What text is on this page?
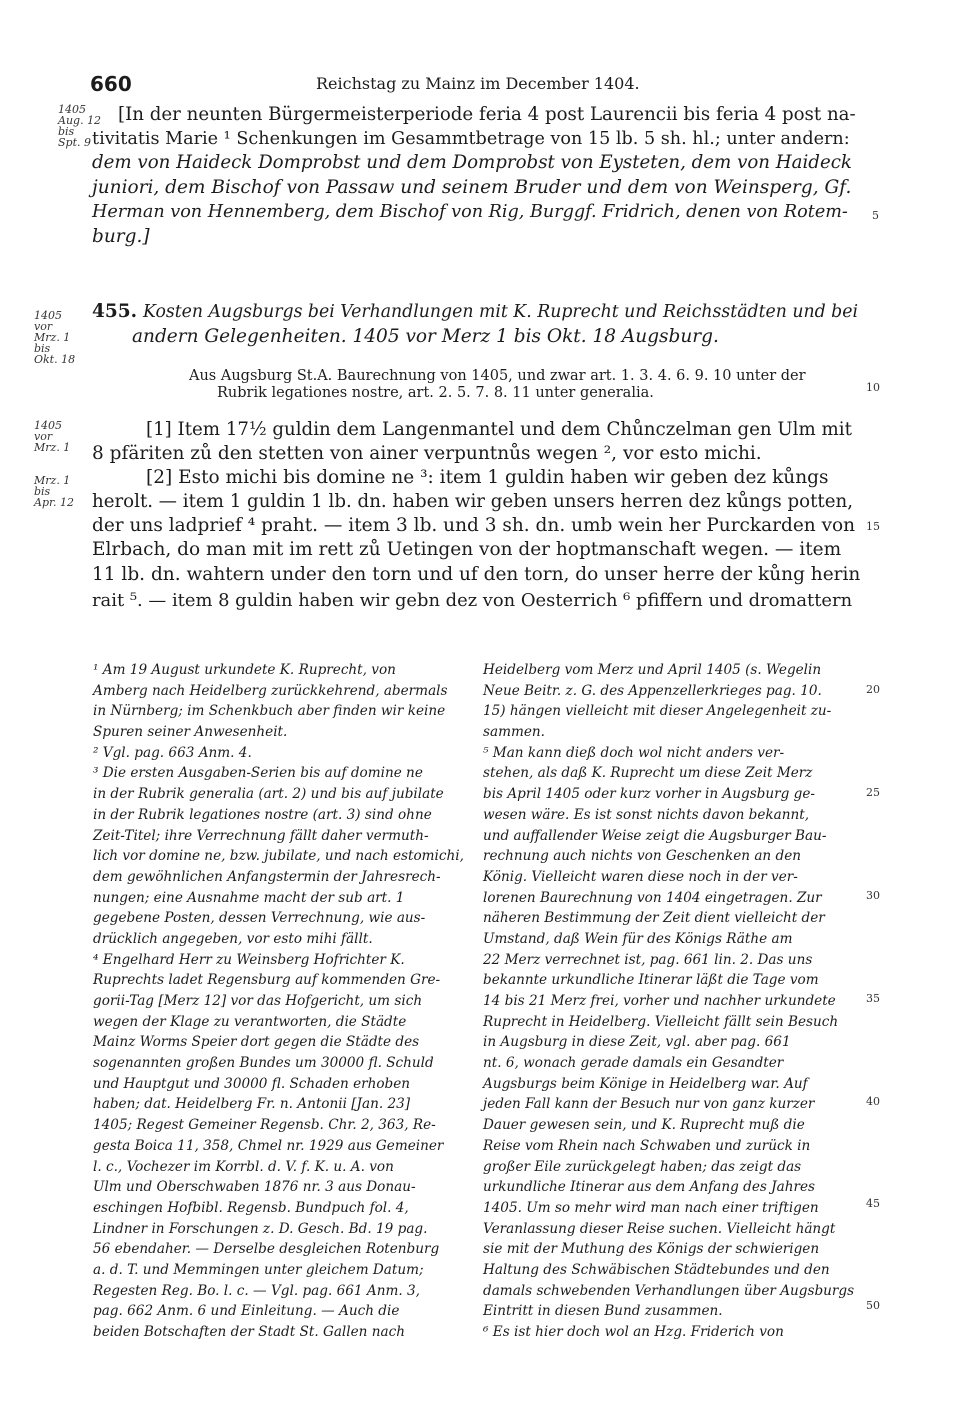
660	Reichstag zu Mainz im December 1404.
1405
Aug. 12
bis
Spt. 9
1405
vor
Mrz. 1
bis
Okt. 18
1405
vor
Mrz. 1
Mrz. 1
bis
Apr. 12
[In der neunten Bürgermeisterperiode feria 4 post Laurencii bis feria 4 post na-
tivitatis Marie ¹ Schenkungen im Gesammtbetrage von 15 lb. 5 sh. hl.; unter andern:
dem von Haideck Domprobst und dem Domprobst von Eysteten, dem von Haideck
juniori, dem Bischof von Passaw und seinem Bruder und dem von Weinsperg, Gf.
Herman von Hennemberg, dem Bischof von Rig, Burggf. Fridrich, denen von Rotem-
burg.]
455. Kosten Augsburgs bei Verhandlungen mit K. Ruprecht und Reichsstädten und bei
andern Gelegenheiten. 1405 vor Merz 1 bis Okt. 18 Augsburg.
Aus Augsburg St.A. Baurechnung von 1405, und zwar art. 1. 3. 4. 6. 9. 10 unter der
Rubrik legationes nostre, art. 2. 5. 7. 8. 11 unter generalia.
[1] Item 17½ guldin dem Langenmantel und dem Chůnczelman gen Ulm mit
8 pfäriten zů den stetten von ainer verpuntnůs wegen ², vor esto michi.
[2] Esto michi bis domine ne ³: item 1 guldin haben wir geben dez kůngs
herolt. — item 1 guldin 1 lb. dn. haben wir geben unsers herren dez kůngs potten,
der uns ladprief ⁴ praht. — item 3 lb. und 3 sh. dn. umb wein her Purckarden von
Elrbach, do man mit im rett zů Uetingen von der hoptmanschaft wegen. — item
11 lb. dn. wahtern under den torn und uf den torn, do unser herre der kůng herin
rait ⁵. — item 8 guldin haben wir gebn dez von Oesterrich ⁶ pfiffern und dromattern
5
10
15
20
25
30
35
40
45
50
¹ Am 19 August urkundete K. Ruprecht, von
Amberg nach Heidelberg zurückkehrend, abermals
in Nürnberg; im Schenkbuch aber finden wir keine
Spuren seiner Anwesenheit.
² Vgl. pag. 663 Anm. 4.
³ Die ersten Ausgaben-Serien bis auf domine ne
in der Rubrik generalia (art. 2) und bis auf jubilate
in der Rubrik legationes nostre (art. 3) sind ohne
Zeit-Titel; ihre Verrechnung fällt daher vermuth-
lich vor domine ne, bzw. jubilate, und nach estomichi,
dem gewöhnlichen Anfangstermin der Jahresrech-
nungen; eine Ausnahme macht der sub art. 1
gegebene Posten, dessen Verrechnung, wie aus-
drücklich angegeben, vor esto mihi fällt.
⁴ Engelhard Herr zu Weinsberg Hofrichter K.
Ruprechts ladet Regensburg auf kommenden Gre-
gorii-Tag [Merz 12] vor das Hofgericht, um sich
wegen der Klage zu verantworten, die Städte
Mainz Worms Speier dort gegen die Städte des
sogenannten großen Bundes um 30000 fl. Schuld
und Hauptgut und 30000 fl. Schaden erhoben
haben; dat. Heidelberg Fr. n. Antonii [Jan. 23]
1405; Regest Gemeiner Regensb. Chr. 2, 363, Re-
gesta Boica 11, 358, Chmel nr. 1929 aus Gemeiner
l. c., Vochezer im Korrbl. d. V. f. K. u. A. von
Ulm und Oberschwaben 1876 nr. 3 aus Donau-
eschingen Hofbibl. Regensb. Bundpuch fol. 4,
Lindner in Forschungen z. D. Gesch. Bd. 19 pag.
56 ebendaher. — Derselbe desgleichen Rotenburg
a. d. T. und Memmingen unter gleichem Datum;
Regesten Reg. Bo. l. c. — Vgl. pag. 661 Anm. 3,
pag. 662 Anm. 6 und Einleitung. — Auch die
beiden Botschaften der Stadt St. Gallen nach
Heidelberg vom Merz und April 1405 (s. Wegelin
Neue Beitr. z. G. des Appenzellerkrieges pag. 10.
15) hängen vielleicht mit dieser Angelegenheit zu-
sammen.
⁵ Man kann dieß doch wol nicht anders ver-
stehen, als daß K. Ruprecht um diese Zeit Merz
bis April 1405 oder kurz vorher in Augsburg ge-
wesen wäre. Es ist sonst nichts davon bekannt,
und auffallender Weise zeigt die Augsburger Bau-
rechnung auch nichts von Geschenken an den
König. Vielleicht waren diese noch in der ver-
lorenen Baurechnung von 1404 eingetragen. Zur
näheren Bestimmung der Zeit dient vielleicht der
Umstand, daß Wein für des Königs Räthe am
22 Merz verrechnet ist, pag. 661 lin. 2. Das uns
bekannte urkundliche Itinerar läßt die Tage vom
14 bis 21 Merz frei, vorher und nachher urkundete
Ruprecht in Heidelberg. Vielleicht fällt sein Besuch
in Augsburg in diese Zeit, vgl. aber pag. 661
nt. 6, wonach gerade damals ein Gesandter
Augsburgs beim Könige in Heidelberg war. Auf
jeden Fall kann der Besuch nur von ganz kurzer
Dauer gewesen sein, und K. Ruprecht muß die
Reise vom Rhein nach Schwaben und zurück in
großer Eile zurückgelegt haben; das zeigt das
urkundliche Itinerar aus dem Anfang des Jahres
1405. Um so mehr wird man nach einer triftigen
Veranlassung dieser Reise suchen. Vielleicht hängt
sie mit der Muthung des Königs der schwierigen
Haltung des Schwäbischen Städtebundes und den
damals schwebenden Verhandlungen über Augsburgs
Eintritt in diesen Bund zusammen.
⁶ Es ist hier doch wol an Hzg. Friderich von
